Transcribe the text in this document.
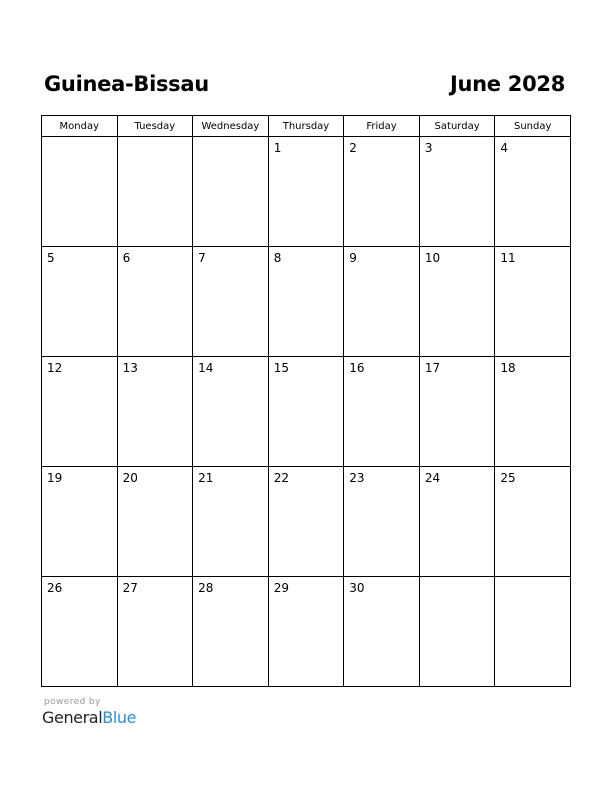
Guinea-Bissau	June 2028
Monday	Tuesday	Wednesday	Thursday	Friday	Saturday	Sunday

			1	2	3	4

5	6	7	8	9	10	11

12	13	14	15	16	17	18

19	20	21	22	23	24	25

26	27	28	29	30		

powered by
GeneralBlue
